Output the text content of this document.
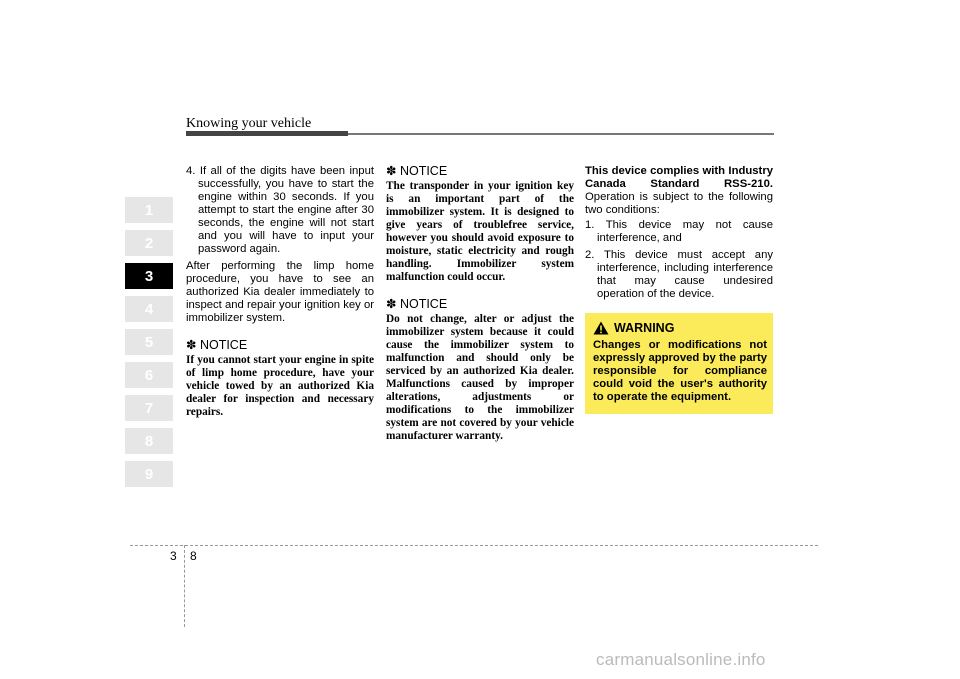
Knowing your vehicle
1
2
3
4
5
6
7
8
9

4. If all of the digits have been input successfully, you have to start the engine within 30 seconds. If you attempt to start the engine after 30 seconds, the engine will not start and you will have to input your password again.

After performing the limp home procedure, you have to see an authorized Kia dealer immediately to inspect and repair your ignition key or immobilizer system.

✽ NOTICE

If you cannot start your engine in spite of limp home procedure, have your vehicle towed by an authorized Kia dealer for inspection and necessary repairs.

✽ NOTICE

The transponder in your ignition key is an important part of the immobilizer system. It is designed to give years of troublefree service, however you should avoid exposure to moisture, static electricity and rough handling. Immobilizer system malfunction could occur.

✽ NOTICE

Do not change, alter or adjust the immobilizer system because it could cause the immobilizer system to malfunction and should only be serviced by an authorized Kia dealer. Malfunctions caused by improper alterations, adjustments or modifications to the immobilizer system are not covered by your vehicle manufacturer warranty.

This device complies with Industry Canada Standard RSS-210. Operation is subject to the following two conditions:

1. This device may not cause interference, and

2. This device must accept any interference, including interference that may cause undesired operation of the device.

WARNING

Changes or modifications not expressly approved by the party responsible for compliance could void the user's authority to operate the equipment.

3 8
carmanualsonline.info
